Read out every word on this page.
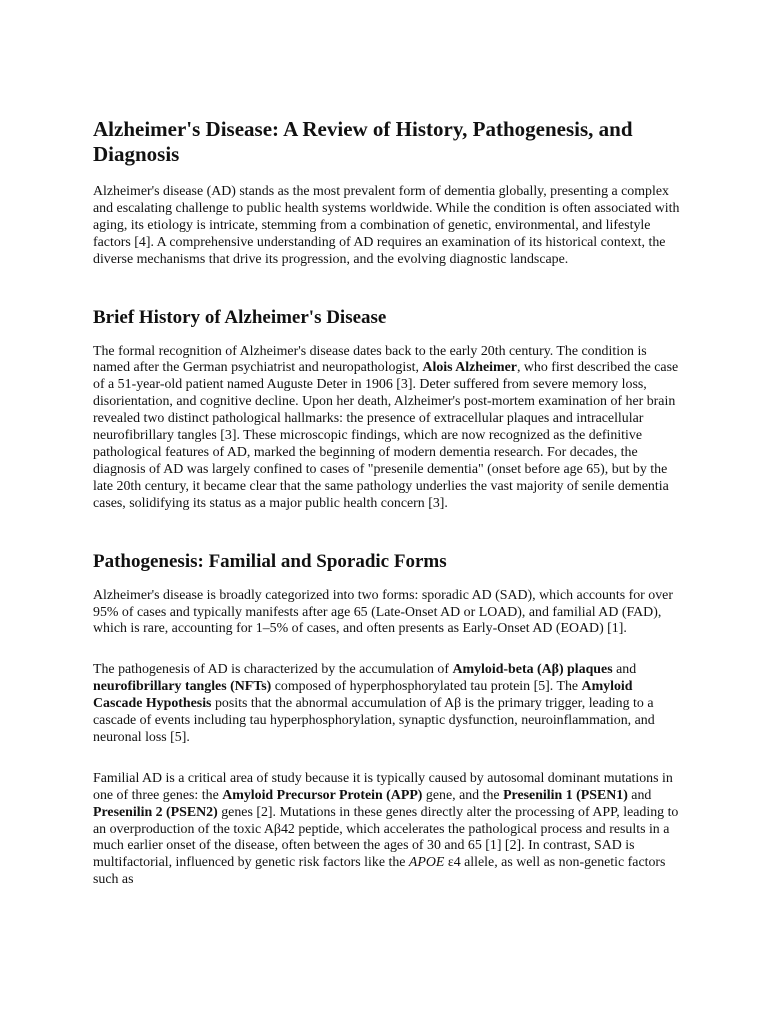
Alzheimer's Disease: A Review of History, Pathogenesis, and Diagnosis

Alzheimer's disease (AD) stands as the most prevalent form of dementia globally, presenting a complex and escalating challenge to public health systems worldwide. While the condition is often associated with aging, its etiology is intricate, stemming from a combination of genetic, environmental, and lifestyle factors [4]. A comprehensive understanding of AD requires an examination of its historical context, the diverse mechanisms that drive its progression, and the evolving diagnostic landscape.

Brief History of Alzheimer's Disease

The formal recognition of Alzheimer's disease dates back to the early 20th century. The condition is named after the German psychiatrist and neuropathologist, Alois Alzheimer, who first described the case of a 51-year-old patient named Auguste Deter in 1906 [3]. Deter suffered from severe memory loss, disorientation, and cognitive decline. Upon her death, Alzheimer's post-mortem examination of her brain revealed two distinct pathological hallmarks: the presence of extracellular plaques and intracellular neurofibrillary tangles [3]. These microscopic findings, which are now recognized as the definitive pathological features of AD, marked the beginning of modern dementia research. For decades, the diagnosis of AD was largely confined to cases of "presenile dementia" (onset before age 65), but by the late 20th century, it became clear that the same pathology underlies the vast majority of senile dementia cases, solidifying its status as a major public health concern [3].

Pathogenesis: Familial and Sporadic Forms

Alzheimer's disease is broadly categorized into two forms: sporadic AD (SAD), which accounts for over 95% of cases and typically manifests after age 65 (Late-Onset AD or LOAD), and familial AD (FAD), which is rare, accounting for 1–5% of cases, and often presents as Early-Onset AD (EOAD) [1].

The pathogenesis of AD is characterized by the accumulation of Amyloid-beta (Aβ) plaques and neurofibrillary tangles (NFTs) composed of hyperphosphorylated tau protein [5]. The Amyloid Cascade Hypothesis posits that the abnormal accumulation of Aβ is the primary trigger, leading to a cascade of events including tau hyperphosphorylation, synaptic dysfunction, neuroinflammation, and neuronal loss [5].

Familial AD is a critical area of study because it is typically caused by autosomal dominant mutations in one of three genes: the Amyloid Precursor Protein (APP) gene, and the Presenilin 1 (PSEN1) and Presenilin 2 (PSEN2) genes [2]. Mutations in these genes directly alter the processing of APP, leading to an overproduction of the toxic Aβ42 peptide, which accelerates the pathological process and results in a much earlier onset of the disease, often between the ages of 30 and 65 [1] [2]. In contrast, SAD is multifactorial, influenced by genetic risk factors like the APOE ε4 allele, as well as non-genetic factors such as
